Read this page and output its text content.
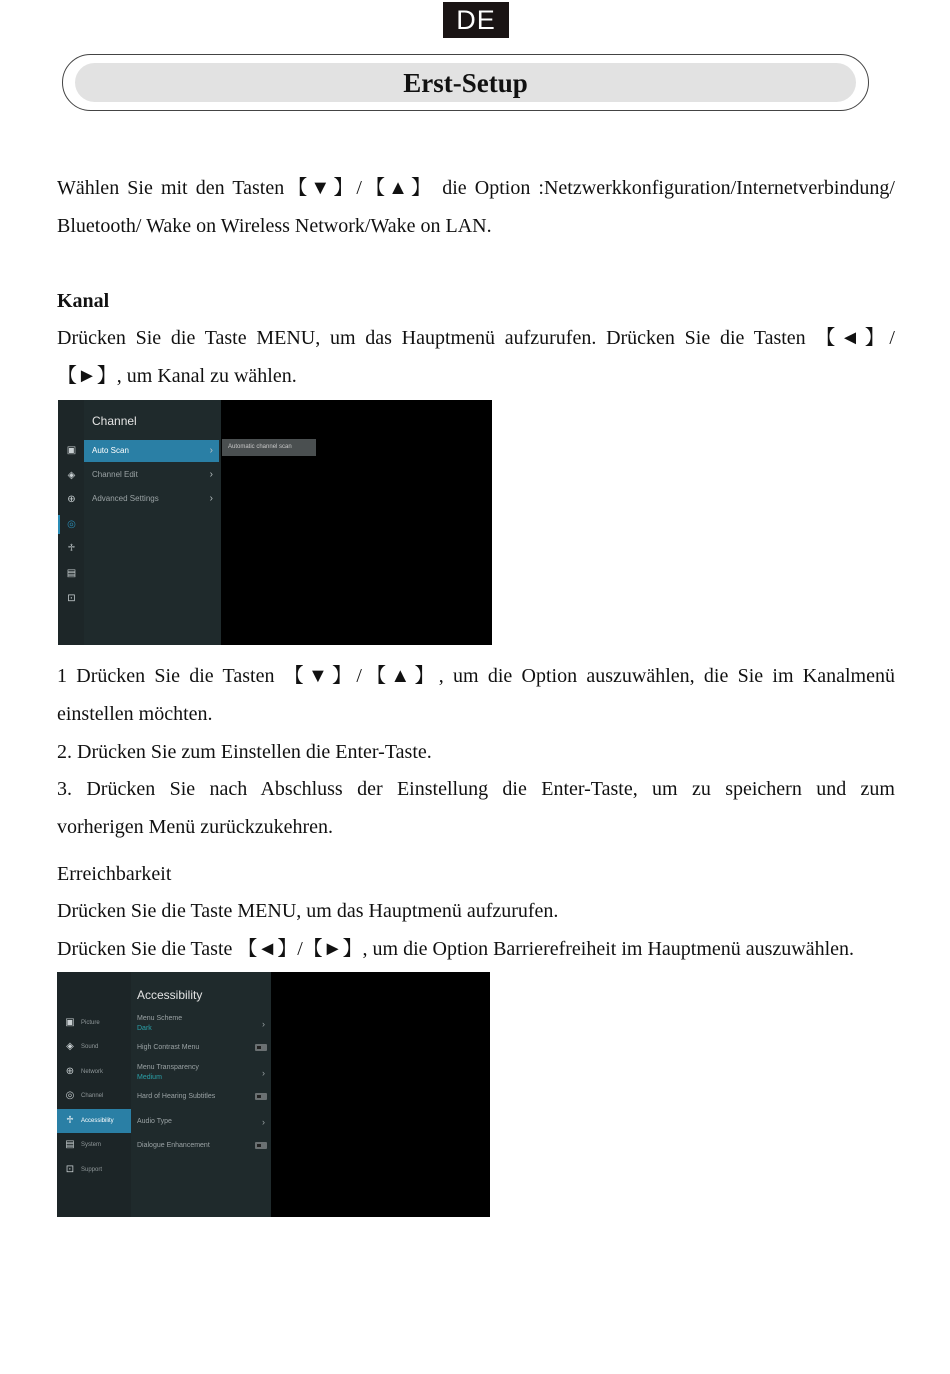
DE
Erst-Setup
Wählen Sie mit den Tasten【▼】/【▲】 die Option :Netzwerkkonfiguration/Internetverbindung/
Bluetooth/ Wake on Wireless Network/Wake on LAN.
Kanal
Drücken Sie die Taste MENU, um das Hauptmenü aufzurufen. Drücken Sie die Tasten 【◄】/
【►】, um Kanal zu wählen.
▣
◈
⊕
◎
♱
▤
⊡
Channel
Auto Scan	›
Channel Edit	›
Advanced Settings	›
Automatic channel scan
1 Drücken Sie die Tasten 【▼】/【▲】, um die Option auszuwählen, die Sie im Kanalmenü
einstellen möchten.
2. Drücken Sie zum Einstellen die Enter-Taste.
3. Drücken Sie nach Abschluss der Einstellung die Enter-Taste, um zu speichern und zum
vorherigen Menü zurückzukehren.
Erreichbarkeit
Drücken Sie die Taste MENU, um das Hauptmenü aufzurufen.
Drücken Sie die Taste 【◄】/【►】, um die Option Barrierefreiheit im Hauptmenü auszuwählen.
▣ Picture
◈	Sound
⊕	Network
◎ Channel
♱	Accessibility
▤ System
⊡	Support
Accessibility
Menu Scheme
Dark	›
High Contrast Menu
Menu Transparency
Medium	›
Hard of Hearing Subtitles
Audio Type	›
Dialogue Enhancement
